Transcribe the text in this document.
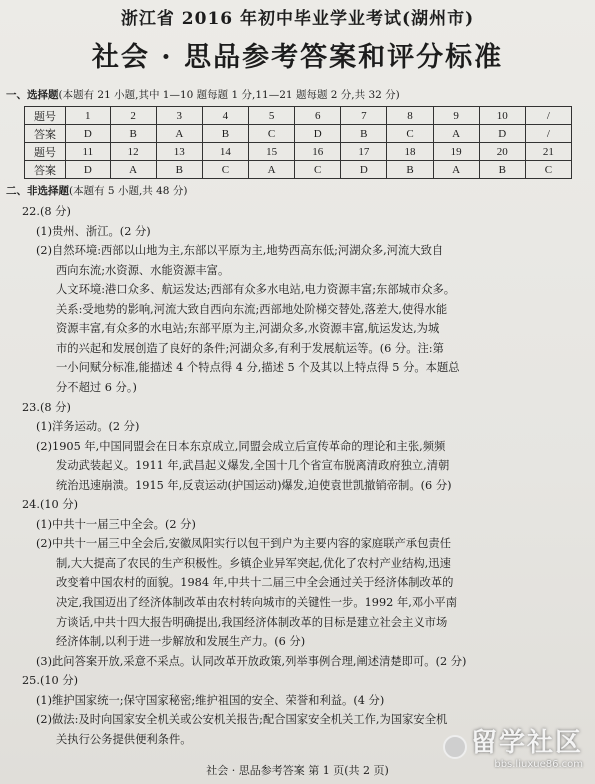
浙江省 2016 年初中毕业学业考试(湖州市)
社会 · 思品参考答案和评分标准
一、选择题(本题有 21 小题,其中 1—10 题每题 1 分,11—21 题每题 2 分,共 32 分)
题号	1	2	3	4	5	6	7	8	9	10	/
答案	D	B	A	B	C	D	B	C	A	D	/
题号	11	12	13	14	15	16	17	18	19	20	21
答案	D	A	B	C	A	C	D	B	A	B	C
二、非选择题(本题有 5 小题,共 48 分)
22.(8 分)
(1)贵州、浙江。(2 分)
(2)自然环境:西部以山地为主,东部以平原为主,地势西高东低;河湖众多,河流大致自
西向东流;水资源、水能资源丰富。
人文环境:港口众多、航运发达;西部有众多水电站,电力资源丰富;东部城市众多。
关系:受地势的影响,河流大致自西向东流;西部地处阶梯交替处,落差大,使得水能
资源丰富,有众多的水电站;东部平原为主,河湖众多,水资源丰富,航运发达,为城
市的兴起和发展创造了良好的条件;河湖众多,有利于发展航运等。(6 分。注:第
一小问赋分标准,能描述 4 个特点得 4 分,描述 5 个及其以上特点得 5 分。本题总
分不超过 6 分。)
23.(8 分)
(1)洋务运动。(2 分)
(2)1905 年,中国同盟会在日本东京成立,同盟会成立后宣传革命的理论和主张,频频
发动武装起义。1911 年,武昌起义爆发,全国十几个省宣布脱离清政府独立,清朝
统治迅速崩溃。1915 年,反袁运动(护国运动)爆发,迫使袁世凯撤销帝制。(6 分)
24.(10 分)
(1)中共十一届三中全会。(2 分)
(2)中共十一届三中全会后,安徽凤阳实行以包干到户为主要内容的家庭联产承包责任
制,大大提高了农民的生产积极性。乡镇企业异军突起,优化了农村产业结构,迅速
改变着中国农村的面貌。1984 年,中共十二届三中全会通过关于经济体制改革的
决定,我国迈出了经济体制改革由农村转向城市的关键性一步。1992 年,邓小平南
方谈话,中共十四大报告明确提出,我国经济体制改革的目标是建立社会主义市场
经济体制,以利于进一步解放和发展生产力。(6 分)
(3)此问答案开放,采意不采点。认同改革开放政策,列举事例合理,阐述清楚即可。(2 分)
25.(10 分)
(1)维护国家统一;保守国家秘密;维护祖国的安全、荣誉和利益。(4 分)
(2)做法:及时向国家安全机关或公安机关报告;配合国家安全机关工作,为国家安全机
关执行公务提供便利条件。
社会 · 思品参考答案 第 1 页(共 2 页)
留学社区
bbs.liuxue86.com
